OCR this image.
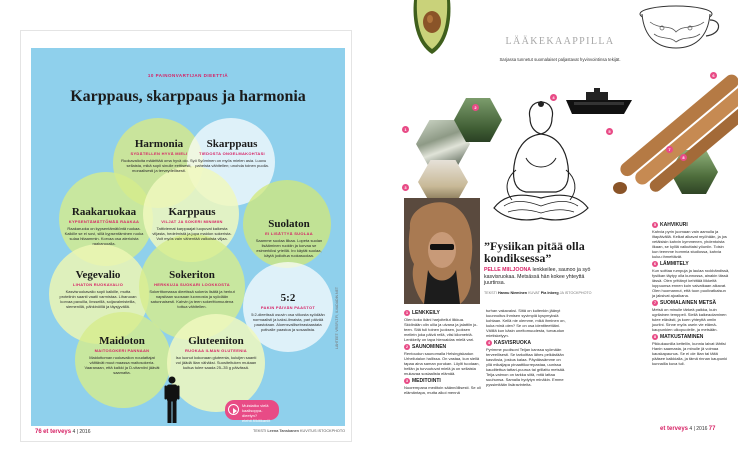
10 PAINONVARTIJAN DIEETTIÄ
Karppaus, skarppaus ja harmonia
Harmonia
SYDÄTELLEN HYVÄ MIELI

Ruokavalioita määrittää oma hyvä olo. Syö sellaista, mikä sopii sinulle eettisesti, moraalisesti ja terveydellisesti.

Skarppaus
TIEDOSTA ONGELMAKOHTASI

Syöminen on myös mielen asia. Luovu paheista vähitellen; unohda toinen puolia.

Raakaruokaa
KYPSENTÄMÄTTÖMÄÄ RAAKAA

Raakaruoka on kypsentämätöntä ruokaa. Kaikille se ei sovi, sillä kypsentäminen ruoka sulaa hitaammin. Korvaa osa aterioista raakaruoalla.

Karppaus
VILJAT JA SOKERI MINIMIIN

Tattiviemat karppaajat luopuvat kaikesta viljasta, hedelmistä ja jopa maidon sokerista. Voit myös vain vähentää valkoista viljaa.

Suolaton
EI LISÄTTYÄ SUOLAA

Saamme suolaa liikaa. Lopeta suolan lisääminen ruokiin ja korvaa se esimerkiksi yrteillä. Iro käytät suolaa, käytä jodioitua ruokasuolaa.

Vegevalio
LIHATON RUOKAVALIO

Kasvisruokavalio sopii kaikille, mutta proteiinin saanti vaatii varmistaa. Liharuoan korvaa pavuilla, linsseillä, soijavalmisteilla, siemenillä, pähkinöillä ja täysjyvällä.

Sokeriton
HERKKUJA SUOKARI LOOKKOSTA

Sokerittomassa dieetissä sokeria lisätä ja herkut napsitaan suosaan luonnosta ja syödään satunnaisesti. Kahvin ja teen sokerittomuutena tottua vähitellen.

5:2
PAKIN PÄIVÄN PAASTOT

5:2-dieetissä osuvin osa viikosta syödään normaalisti ja kaksi-ilmaista, pari päivää paastotaan. Aloensvallisebrastaastata potivalle paastoa ja sosaalista.

Maidoton
MAITOSOKERI PANNAAN

Maidottoman ruokavalion noudattajat välttävät muut maassa maitosokeria. Vaaranaan, että kalkki ja D-vitamiini jäävät saamatta.

Gluteeniton
RUOKAA ILMAN GLUTEENIA

Iso luonut kokonaan gluteenia, kuluijen saanti voi jäädä liian vähäksi. Suositeltuken mukaan kuitua tulee saada 25–35 g päivässä.

Muistatko vielä kaalisoppa-dieetyn? etehti.fi/kitikaniit
LÄHTEET: VRSFLT.FI, ILVADADIN.NET
76 et terveys 4 | 2016	TEKSTI Leena Tanskanen KUVITUS ISTOCKPHOTO
LÄÄKEKAAPPILLA
Sarjassa tunnetut suomalaiset paljastavat hyvinvointinsa tekijät.
1
2
3
4
5
6
7
8
”Fysiikan pitää olla kondiksessa”
PELLE MIILJOONA lenkkeilee, saunoo ja syö kasvisruokaa. Metsässä hän kokee yhteyttä juurtinsa.
TEKSTI Hannu Nieminen KUVAT Pia Inberg JA ISTOCKPHOTO
1 LENKKEILY

Olen koko ikäni harjoitellut liikkua. Skidinään olin uilia ja uivana ja jalattiin jo-teen. Sitä tuli toinen juoksen, juoksen mellein joka päivä reilä, viisi kilometriä. Lenkkeily on tapa hieroaidas mielä vari.

2 SAUNOMINEN

Rentoudun saunomalla Helsingiskadun Urheilutalon hallissa. On vastaa, kun siellä tapaa aina saman porukan. Löylti tuodaan, hellän ja turvuutuvat mielä ja on sellaista mukavaa sosiaalista elämää.

3 MEDITOINTI

Nuorempana meditoin säännöllisesti. Se oli elämäntapa, mutta alkoi mennä

turhan vakavaksi. Siitä on kuitenkin jäänyt kuunnoitus ihmisen syvimpiä kysymyksiä kohtaan. Kellä nie olemme, mikä ihminen on, kuka minä olen? Se on osa identiteettiäni. Välillä kun käsin uneltomuudesta, turvaudun mietiskelyyn.

4 KASVISRUOKA

Pyrimme puolisoni Teijan kanssa syömään terveellisesti. Se tarkoittaa lähes pelkästään kasviksia, joskus kalaa. Päydässämme on yllä mikaljapa pinaattikurrepastaa, uunissa kauditettua tattari-puurua tai grillattu metsää. Teija-vaimon on tarkka siitä, mitä lattaa suuhunsa. Samalla hydytyn minäkin. Emme pyssimitään lisäravinteita.

5 KAHVIKURI

Kahvia pyrin juomaan vain aamulla ja iltapäivällä. Kelkat alkavat myöhään, ja jos vetäisisin kahvin kymmenen, yhdentoista ilkaan, se kylllä vaikuttaisi yöuniin. Toisin kun teemme hommia studiossa, kahvia kuluu ihmettävät.

6 LÄMMITELY

Kun soittaa rumpuja ja laulaa rockbändissä, fysiikan täytyy olla kunnossa, ainakin tässä iässä. Olen yrittänyt kehittää liikkeitä loppuunsa ennen kuin vaivatkaan alkavat. Olen huomannut, että tuon puolivatkaisun ja jaksivat ajoaikana.

7 SUOMALAINEN METSÄ

Metsä on minulle tärkeä paikka, kuin ugrilainen temppeli. Siellä kaikeaolaminen tulee elävästi, ja koen yhteyttä omiin juuriini. Sinne myös usein vie elämä-kaupunkien ulkopuolelle, ja metsään.

8 MATKUSTAMINEN

Pikkukaunilla ketteliin, kunnia lalvat lähtisi Hanin saamasta, ja minulle jä voimaa kauskapaunus. Se ei ole liian tai tältä pääsee kaikkialla, ja tämä rinnan kaupunki kunnailla kuva tuli.

et terveys 4 | 2016 77
